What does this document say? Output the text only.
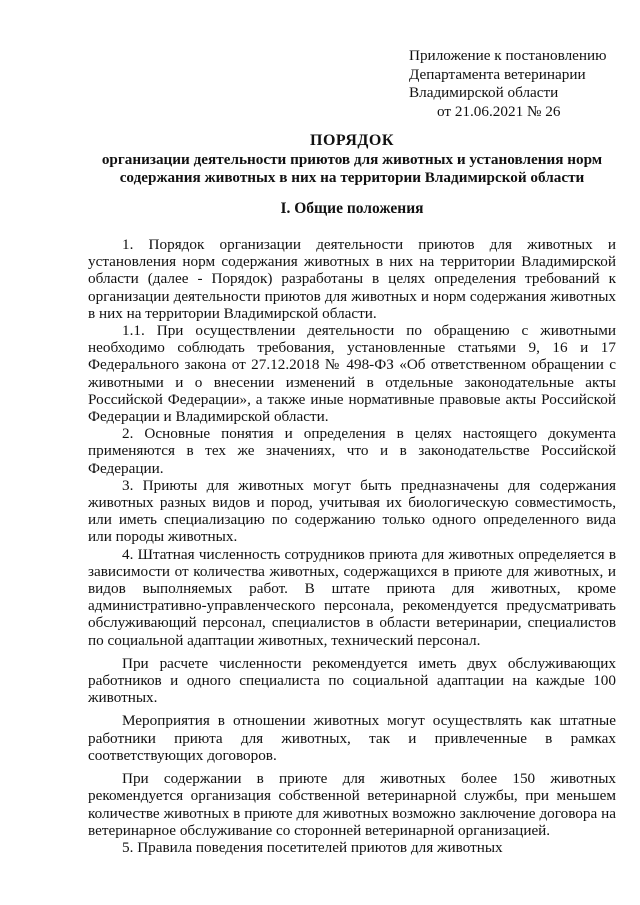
Приложение к постановлению
Департамента ветеринарии
Владимирской области
от 21.06.2021 № 26
ПОРЯДОК
организации деятельности приютов для животных и установления норм содержания животных в них на территории Владимирской области
I. Общие положения

1. Порядок организации деятельности приютов для животных и установления норм содержания животных в них на территории Владимирской области (далее - Порядок) разработаны в целях определения требований к организации деятельности приютов для животных и норм содержания животных в них на территории Владимирской области.

1.1. При осуществлении деятельности по обращению с животными необходимо соблюдать требования, установленные статьями 9, 16 и 17 Федерального закона от 27.12.2018 № 498-ФЗ «Об ответственном обращении с животными и о внесении изменений в отдельные законодательные акты Российской Федерации», а также иные нормативные правовые акты Российской Федерации и Владимирской области.

2. Основные понятия и определения в целях настоящего документа применяются в тех же значениях, что и в законодательстве Российской Федерации.

3. Приюты для животных могут быть предназначены для содержания животных разных видов и пород, учитывая их биологическую совместимость, или иметь специализацию по содержанию только одного определенного вида или породы животных.

4. Штатная численность сотрудников приюта для животных определяется в зависимости от количества животных, содержащихся в приюте для животных, и видов выполняемых работ. В штате приюта для животных, кроме административно-управленческого персонала, рекомендуется предусматривать обслуживающий персонал, специалистов в области ветеринарии, специалистов по социальной адаптации животных, технический персонал.

При расчете численности рекомендуется иметь двух обслуживающих работников и одного специалиста по социальной адаптации на каждые 100 животных.

Мероприятия в отношении животных могут осуществлять как штатные работники приюта для животных, так и привлеченные в рамках соответствующих договоров.

При содержании в приюте для животных более 150 животных рекомендуется организация собственной ветеринарной службы, при меньшем количестве животных в приюте для животных возможно заключение договора на ветеринарное обслуживание со сторонней ветеринарной организацией.

5. Правила поведения посетителей приютов для животных
